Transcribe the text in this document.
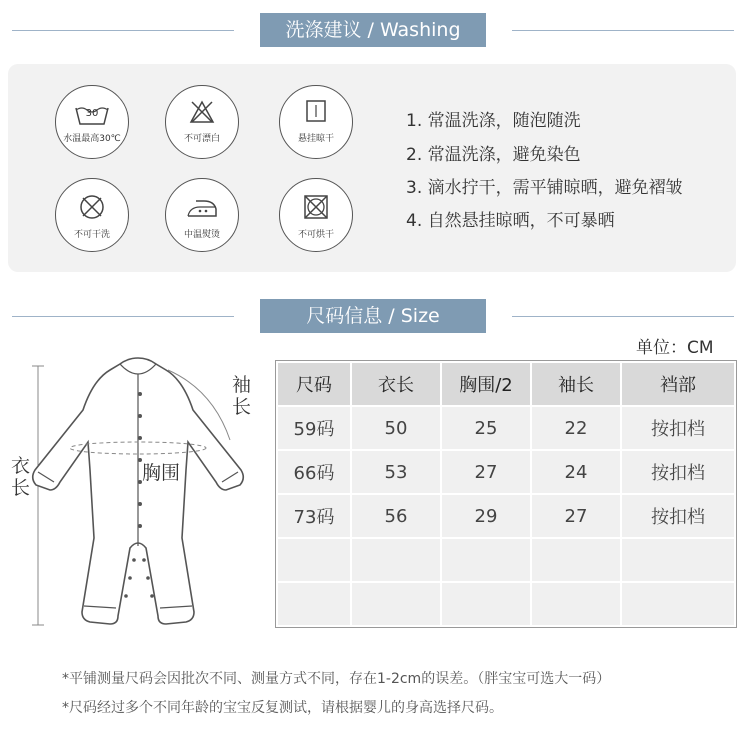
洗涤建议 / Washing
30
水温最高30℃	不可漂白	悬挂晾干
不可干洗	中温熨烫	不可烘干
1. 常温洗涤，随泡随洗
2. 常温洗涤，避免染色
3. 滴水拧干，需平铺晾晒，避免褶皱
4. 自然悬挂晾晒，不可暴晒
尺码信息 / Size
单位：CM
衣长
胸围
袖长
尺码	衣长	胸围/2	袖长	裆部
59码	50	25	22	按扣档
66码	53	27	24	按扣档
73码	56	29	27	按扣档

*平铺测量尺码会因批次不同、测量方式不同，存在1-2cm的误差。（胖宝宝可选大一码）
*尺码经过多个不同年龄的宝宝反复测试，请根据婴儿的身高选择尺码。
